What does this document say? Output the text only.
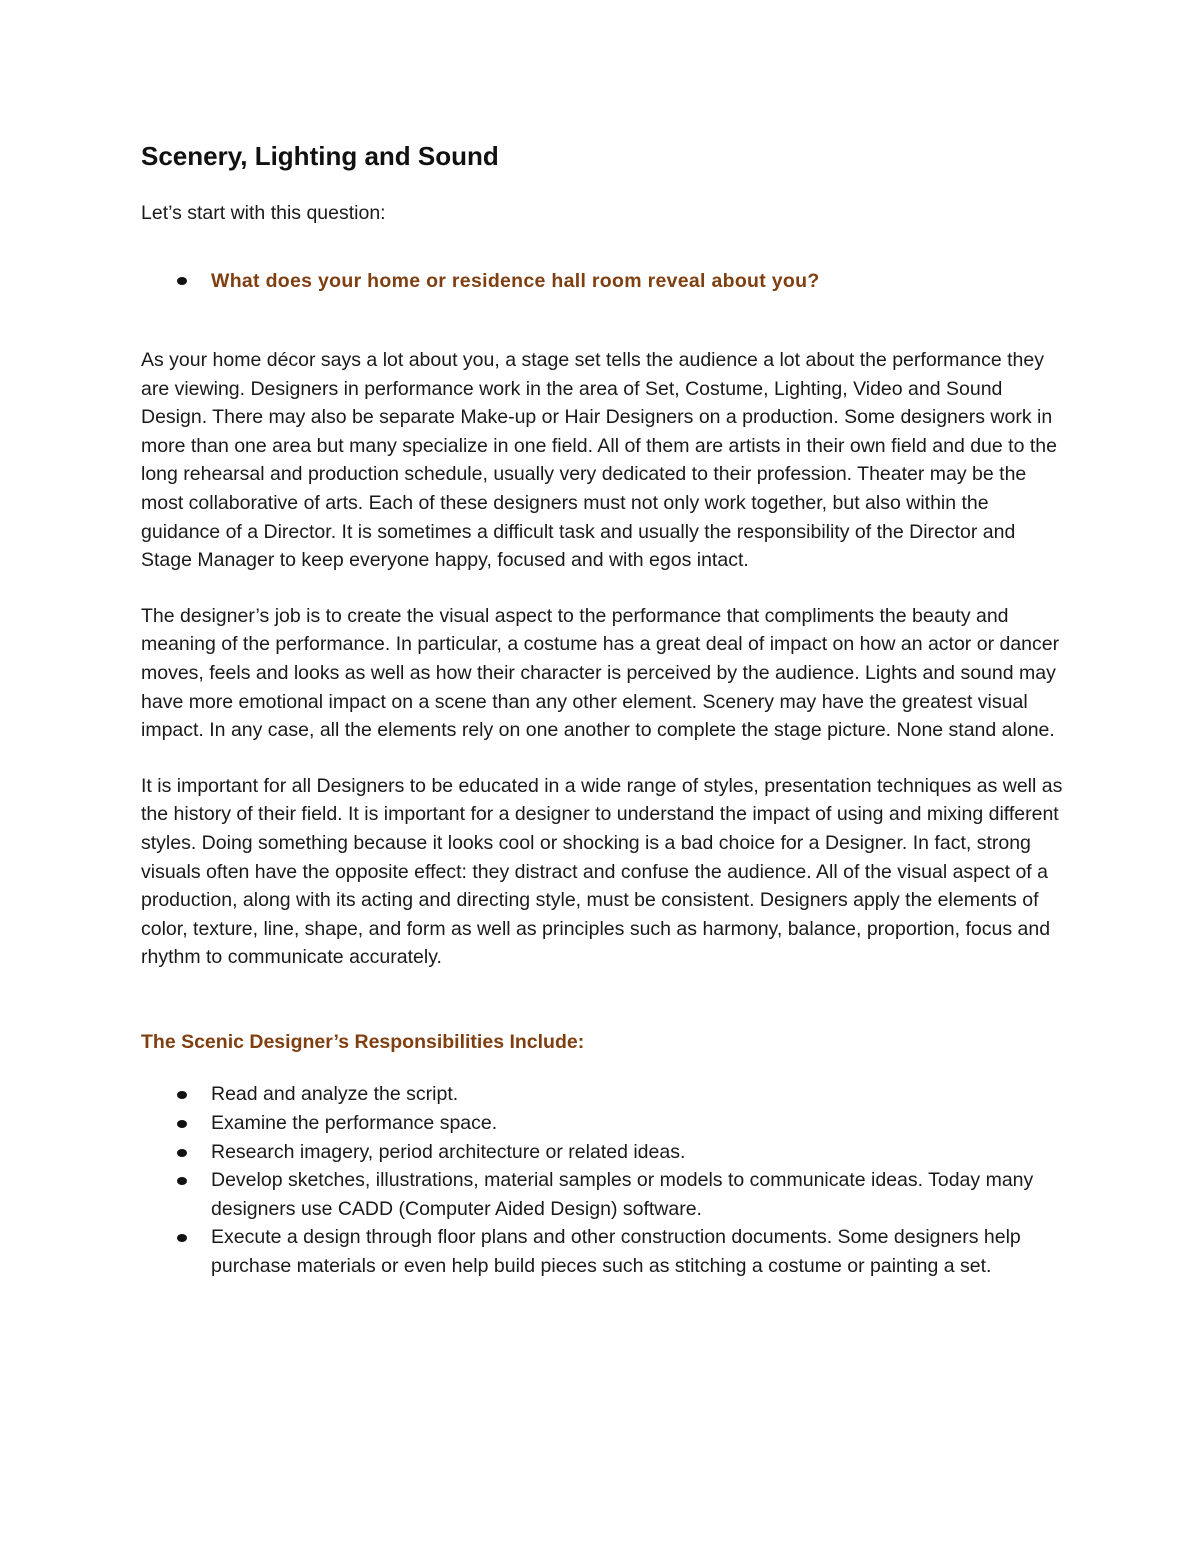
Scenery, Lighting and Sound

Let’s start with this question:

What does your home or residence hall room reveal about you?

As your home décor says a lot about you, a stage set tells the audience a lot about the performance they are viewing. Designers in performance work in the area of Set, Costume, Lighting, Video and Sound Design. There may also be separate Make-up or Hair Designers on a production. Some designers work in more than one area but many specialize in one field. All of them are artists in their own field and due to the long rehearsal and production schedule, usually very dedicated to their profession. Theater may be the most collaborative of arts. Each of these designers must not only work together, but also within the guidance of a Director. It is sometimes a difficult task and usually the responsibility of the Director and Stage Manager to keep everyone happy, focused and with egos intact.

The designer’s job is to create the visual aspect to the performance that compliments the beauty and meaning of the performance. In particular, a costume has a great deal of impact on how an actor or dancer moves, feels and looks as well as how their character is perceived by the audience. Lights and sound may have more emotional impact on a scene than any other element. Scenery may have the greatest visual impact. In any case, all the elements rely on one another to complete the stage picture. None stand alone.

It is important for all Designers to be educated in a wide range of styles, presentation techniques as well as the history of their field. It is important for a designer to understand the impact of using and mixing different styles. Doing something because it looks cool or shocking is a bad choice for a Designer. In fact, strong visuals often have the opposite effect: they distract and confuse the audience. All of the visual aspect of a production, along with its acting and directing style, must be consistent. Designers apply the elements of color, texture, line, shape, and form as well as principles such as harmony, balance, proportion, focus and rhythm to communicate accurately.

The Scenic Designer’s Responsibilities Include:
Read and analyze the script.
Examine the performance space.
Research imagery, period architecture or related ideas.
Develop sketches, illustrations, material samples or models to communicate ideas. Today many designers use CADD (Computer Aided Design) software.
Execute a design through floor plans and other construction documents. Some designers help purchase materials or even help build pieces such as stitching a costume or painting a set.
